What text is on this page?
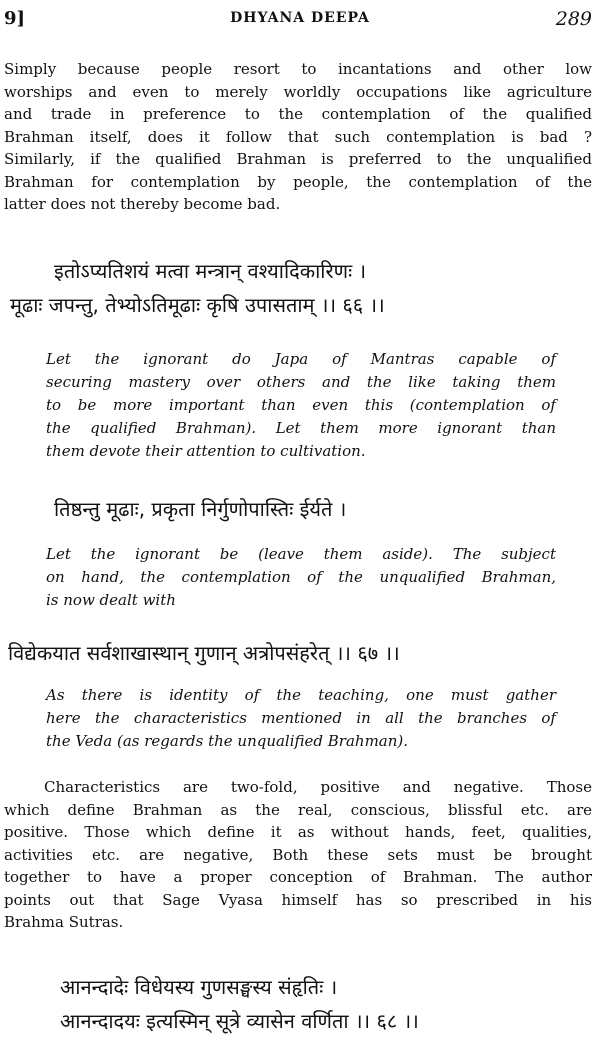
9]	DHYANA DEEPA	289

Simply because people resort to incantations and other low
worships and even to merely worldly occupations like agriculture
and trade in preference to the contemplation of the qualified
Brahman itself, does it follow that such contemplation is bad ?
Similarly, if the qualified Brahman is preferred to the unqualified
Brahman for contemplation by people, the contemplation of the
latter does not thereby become bad.

इतोऽप्यतिशयं मत्वा मन्त्रान् वश्यादिकारिणः ।
मूढाः जपन्तु, तेभ्योऽतिमूढाः कृषि उपासताम् ।। ६६ ।।

Let the ignorant do Japa of Mantras capable of
securing mastery over others and the like taking them
to be more important than even this (contemplation of
the qualified Brahman). Let them more ignorant than
them devote their attention to cultivation.

तिष्ठन्तु मूढाः, प्रकृता निर्गुणोपास्तिः ईर्यते ।

Let the ignorant be (leave them aside). The subject
on hand, the contemplation of the unqualified Brahman,
is now dealt with

विद्येकयात सर्वशाखास्थान् गुणान् अत्रोपसंहरेत् ।। ६७ ।।

As there is identity of the teaching, one must gather
here the characteristics mentioned in all the branches of
the Veda (as regards the unqualified Brahman).

Characteristics are two-fold, positive and negative. Those
which define Brahman as the real, conscious, blissful etc. are
positive. Those which define it as without hands, feet, qualities,
activities etc. are negative, Both these sets must be brought
together to have a proper conception of Brahman. The author
points out that Sage Vyasa himself has so prescribed in his
Brahma Sutras.

आनन्दादेः विधेयस्य गुणसङ्घस्य संहृतिः ।
आनन्दादयः इत्यस्मिन् सूत्रे व्यासेन वर्णिता ।। ६८ ।।
